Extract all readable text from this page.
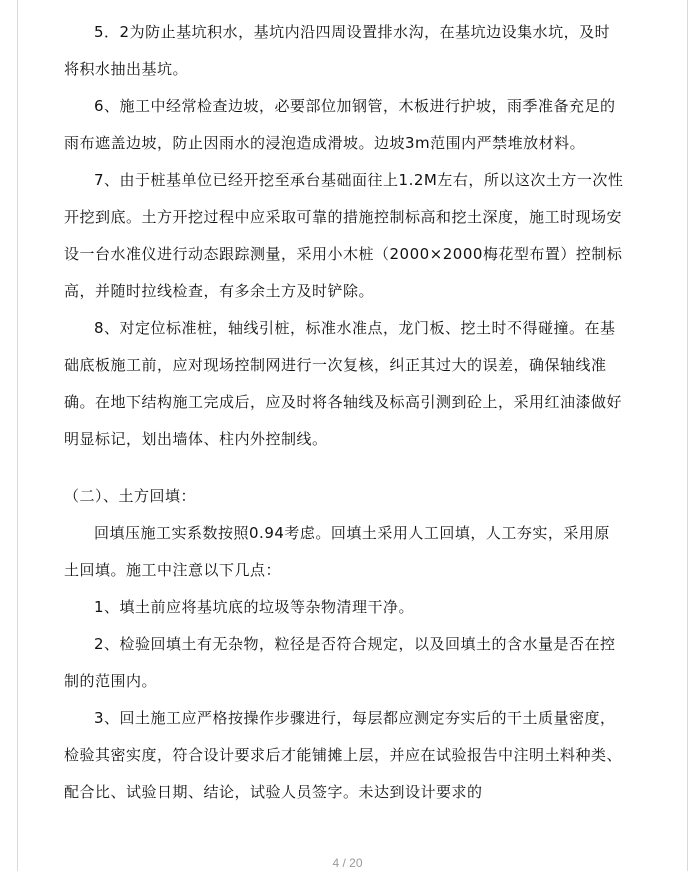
5．2为防止基坑积水，基坑内沿四周设置排水沟，在基坑边设集水坑，及时将积水抽出基坑。

6、施工中经常检查边坡，必要部位加钢管，木板进行护坡，雨季准备充足的雨布遮盖边坡，防止因雨水的浸泡造成滑坡。边坡3m范围内严禁堆放材料。

7、由于桩基单位已经开挖至承台基础面往上1.2M左右，所以这次土方一次性开挖到底。土方开挖过程中应采取可靠的措施控制标高和挖土深度，施工时现场安设一台水准仪进行动态跟踪测量，采用小木桩（2000×2000梅花型布置）控制标高，并随时拉线检查，有多余土方及时铲除。

8、对定位标准桩，轴线引桩，标准水准点，龙门板、挖土时不得碰撞。在基础底板施工前，应对现场控制网进行一次复核，纠正其过大的误差，确保轴线准确。在地下结构施工完成后，应及时将各轴线及标高引测到砼上，采用红油漆做好明显标记，划出墙体、柱内外控制线。

（二）、土方回填：

回填压施工实系数按照0.94考虑。回填土采用人工回填，人工夯实，采用原土回填。施工中注意以下几点：

1、填土前应将基坑底的垃圾等杂物清理干净。

2、检验回填土有无杂物，粒径是否符合规定，以及回填土的含水量是否在控制的范围内。

3、回土施工应严格按操作步骤进行，每层都应测定夯实后的干土质量密度，检验其密实度，符合设计要求后才能铺摊上层，并应在试验报告中注明土料种类、配合比、试验日期、结论，试验人员签字。未达到设计要求的

4 / 20
